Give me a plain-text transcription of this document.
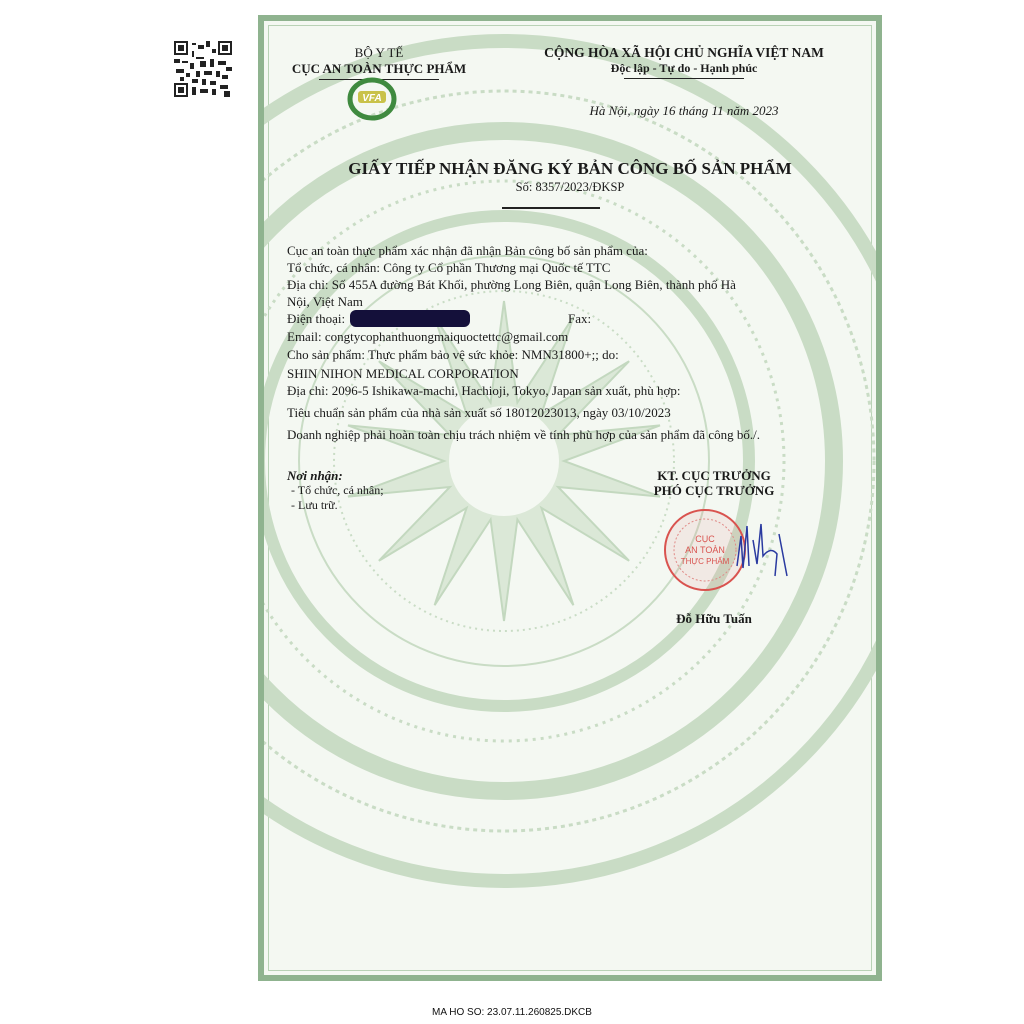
BỘ Y TẾ
CỤC AN TOÀN THỰC PHẨM
VFA
CỘNG HÒA XÃ HỘI CHỦ NGHĨA VIỆT NAM
Độc lập - Tự do - Hạnh phúc
Hà Nội, ngày 16 tháng 11 năm 2023
GIẤY TIẾP NHẬN ĐĂNG KÝ BẢN CÔNG BỐ SẢN PHẨM
Số: 8357/2023/ĐKSP
Cục an toàn thực phẩm xác nhận đã nhận Bản công bố sản phẩm của:
Tổ chức, cá nhân: Công ty Cổ phần Thương mại Quốc tế TTC
Địa chỉ: Số 455A đường Bát Khối, phường Long Biên, quận Long Biên, thành phố Hà
Nội, Việt Nam
Điện thoại:	Fax:
Email: congtycophanthuongmaiquoctettc@gmail.com
Cho sản phẩm: Thực phẩm bảo vệ sức khỏe: NMN31800+;; do:
SHIN NIHON MEDICAL CORPORATION
Địa chỉ: 2096-5 Ishikawa-machi, Hachioji, Tokyo, Japan sản xuất, phù hợp:
Tiêu chuẩn sản phẩm của nhà sản xuất số 18012023013, ngày 03/10/2023
Doanh nghiệp phải hoàn toàn chịu trách nhiệm về tính phù hợp của sản phẩm đã công bố./.
Nơi nhận:
- Tổ chức, cá nhân;
- Lưu trữ.
KT. CỤC TRƯỞNG
PHÓ CỤC TRƯỞNG
CỤC
AN TOÀN
THỰC PHẨM
Đỗ Hữu Tuấn
MA HO SO: 23.07.11.260825.DKCB
